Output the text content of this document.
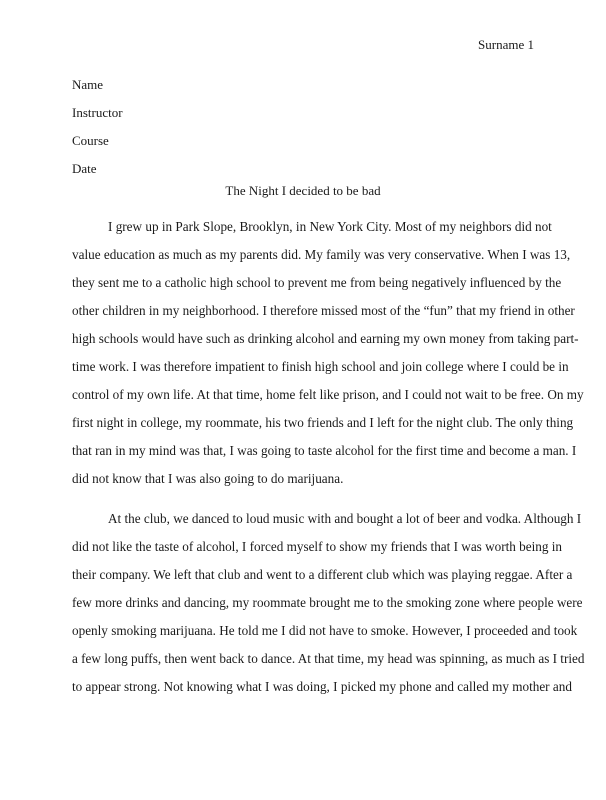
Surname 1
Name
Instructor
Course
Date
The Night I decided to be bad
I grew up in Park Slope, Brooklyn, in New York City. Most of my neighbors did not
value education as much as my parents did. My family was very conservative. When I was 13,
they sent me to a catholic high school to prevent me from being negatively influenced by the
other children in my neighborhood. I therefore missed most of the “fun” that my friend in other
high schools would have such as drinking alcohol and earning my own money from taking part-
time work. I was therefore impatient to finish high school and join college where I could be in
control of my own life. At that time, home felt like prison, and I could not wait to be free. On my
first night in college, my roommate, his two friends and I left for the night club. The only thing
that ran in my mind was that, I was going to taste alcohol for the first time and become a man. I
did not know that I was also going to do marijuana.
At the club, we danced to loud music with and bought a lot of beer and vodka. Although I
did not like the taste of alcohol, I forced myself to show my friends that I was worth being in
their company. We left that club and went to a different club which was playing reggae. After a
few more drinks and dancing, my roommate brought me to the smoking zone where people were
openly smoking marijuana. He told me I did not have to smoke. However, I proceeded and took
a few long puffs, then went back to dance. At that time, my head was spinning, as much as I tried
to appear strong. Not knowing what I was doing, I picked my phone and called my mother and
